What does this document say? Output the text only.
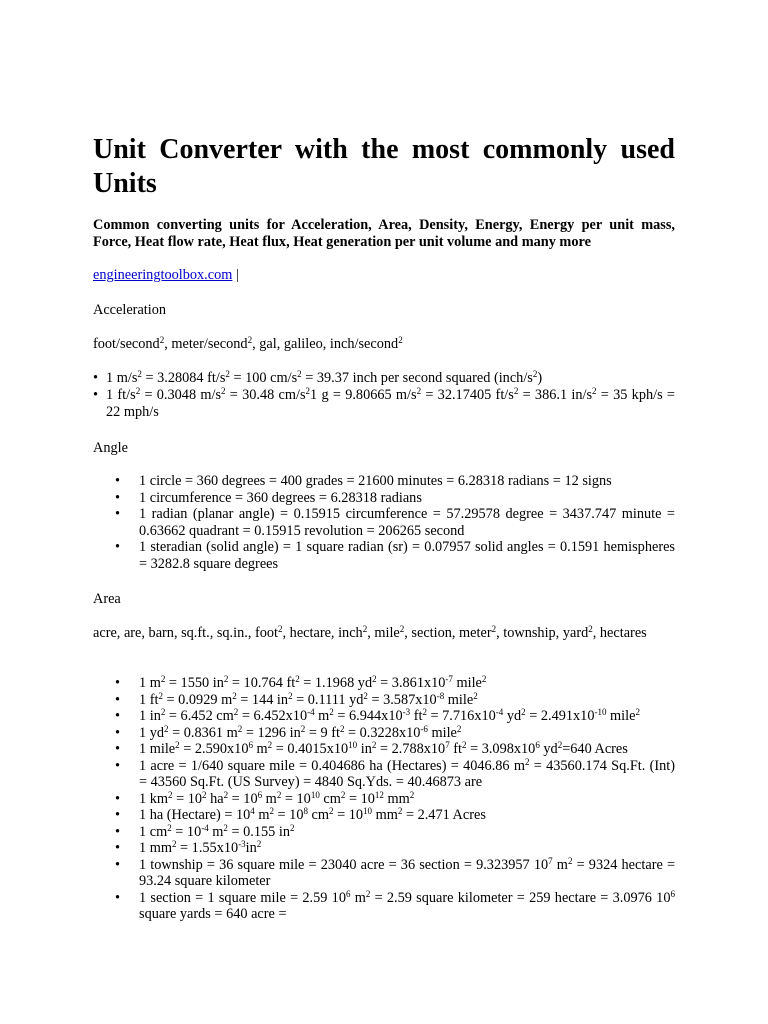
Unit Converter with the most commonly used Units

Common converting units for Acceleration, Area, Density, Energy, Energy per unit mass, Force, Heat flow rate, Heat flux, Heat generation per unit volume and many more

engineeringtoolbox.com |

Acceleration

foot/second$^2$, meter/second$^2$, gal, galileo, inch/second$^2$

• 1 $m/s^2 = 3.28084$ $ft/s^2 = 100$ $cm/s^2 = 39.37$ inch per second squared $(inch/s^2)$
• 1 $ft/s^2 = 0.3048$ $m/s^2 = 30.48$ $cm/s^21$ g = 9.80665 $m/s^2 = 32.17405$ $ft/s^2 = 386.1$ $in/s^2 = 35$ kph/s = 22 mph/s

Angle

• 1 circle = 360 degrees = 400 grades = 21600 minutes = 6.28318 radians = 12 signs
• 1 circumference = 360 degrees = 6.28318 radians
• 1 radian (planar angle) = 0.15915 circumference = 57.29578 degree = 3437.747 minute = 0.63662 quadrant = 0.15915 revolution = 206265 second
• 1 steradian (solid angle) = 1 square radian (sr) = 0.07957 solid angles = 0.1591 hemispheres = 3282.8 square degrees

Area

acre, are, barn, sq.ft., sq.in., foot$^2$, hectare, inch$^2$, mile$^2$, section, meter$^2$, township, yard$^2$, hectares

• 1 $m^2 = 1550$ $in^2 = 10.764$ $ft^2 = 1.1968$ $yd^2 = 3.861x10^{-7}$ mile$^2$
• 1 $ft^2 = 0.0929$ $m^2 = 144$ $in^2 = 0.1111$ $yd^2 = 3.587x10^{-8}$ mile$^2$
• 1 $in^2 = 6.452$ $cm^2 = 6.452x10^{-4}$ $m^2 = 6.944x10^{-3}$ $ft^2 = 7.716x10^{-4}$ $yd^2 = 2.491x10^{-10}$ mile$^2$
• 1 $yd^2 = 0.8361$ $m^2 = 1296$ $in^2 = 9$ $ft^2 = 0.3228x10^{-6}$ mile$^2$
• 1 mile$^2$ = $2.590x10^6$ $m^2 = 0.4015x10^{10}$ $in^2 = 2.788x10^7$ $ft^2 = 3.098x10^6$ $yd^2=640$ Acres
• 1 acre = 1/640 square mile = 0.404686 ha (Hectares) = 4046.86 $m^2 = 43560.174$ Sq.Ft. (Int) = 43560 Sq.Ft. (US Survey) = 4840 Sq.Yds. = 40.46873 are
• 1 $km^2 = 10^2$ $ha^2 = 10^6$ $m^2 = 10^{10}$ $cm^2 = 10^{12}$ $mm^2$
• 1 ha (Hectare) = $10^4$ $m^2 = 10^8$ $cm^2 = 10^{10}$ $mm^2 = 2.471$ Acres
• 1 $cm^2 = 10^{-4}$ $m^2 = 0.155$ $in^2$
• 1 $mm^2 = 1.55x10^{-3}in^2$
• 1 township = 36 square mile = 23040 acre = 36 section = 9.323957 $10^7$ $m^2 = 9324$ hectare = 93.24 square kilometer
• 1 section = 1 square mile = 2.59 $10^6$ $m^2 = 2.59$ square kilometer = 259 hectare = 3.0976 $10^6$ square yards = 640 acre =
